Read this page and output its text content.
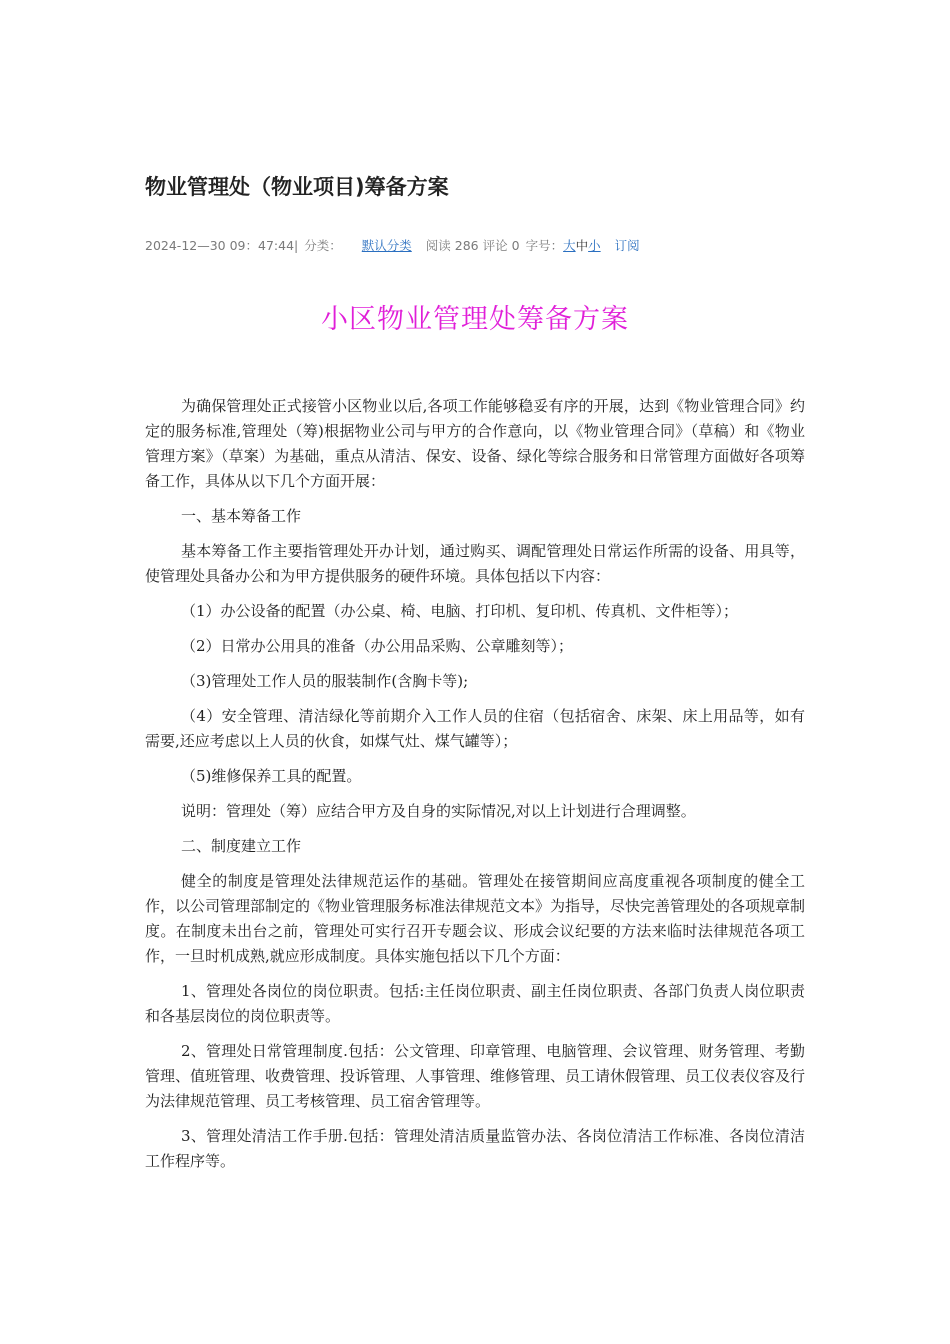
物业管理处（物业项目)筹备方案
2024-12—30 09：47:44| 分类： 默认分类 阅读 286 评论 0 字号：大中小 订阅
小区物业管理处筹备方案

为确保管理处正式接管小区物业以后,各项工作能够稳妥有序的开展，达到《物业管理合同》约定的服务标准,管理处（筹)根据物业公司与甲方的合作意向，以《物业管理合同》（草稿）和《物业管理方案》（草案）为基础，重点从清洁、保安、设备、绿化等综合服务和日常管理方面做好各项筹备工作，具体从以下几个方面开展：

一、基本筹备工作

基本筹备工作主要指管理处开办计划，通过购买、调配管理处日常运作所需的设备、用具等，使管理处具备办公和为甲方提供服务的硬件环境。具体包括以下内容：

（1）办公设备的配置（办公桌、椅、电脑、打印机、复印机、传真机、文件柜等）；

（2）日常办公用具的准备（办公用品采购、公章雕刻等）；

（3)管理处工作人员的服装制作(含胸卡等);

（4）安全管理、清洁绿化等前期介入工作人员的住宿（包括宿舍、床架、床上用品等，如有需要,还应考虑以上人员的伙食，如煤气灶、煤气罐等）；

（5)维修保养工具的配置。

说明：管理处（筹）应结合甲方及自身的实际情况,对以上计划进行合理调整。

二、制度建立工作

健全的制度是管理处法律规范运作的基础。管理处在接管期间应高度重视各项制度的健全工作，以公司管理部制定的《物业管理服务标准法律规范文本》为指导，尽快完善管理处的各项规章制度。在制度未出台之前，管理处可实行召开专题会议、形成会议纪要的方法来临时法律规范各项工作，一旦时机成熟,就应形成制度。具体实施包括以下几个方面：

1、管理处各岗位的岗位职责。包括:主任岗位职责、副主任岗位职责、各部门负责人岗位职责和各基层岗位的岗位职责等。

2、管理处日常管理制度.包括：公文管理、印章管理、电脑管理、会议管理、财务管理、考勤管理、值班管理、收费管理、投诉管理、人事管理、维修管理、员工请休假管理、员工仪表仪容及行为法律规范管理、员工考核管理、员工宿舍管理等。

3、管理处清洁工作手册.包括：管理处清洁质量监管办法、各岗位清洁工作标准、各岗位清洁工作程序等。
